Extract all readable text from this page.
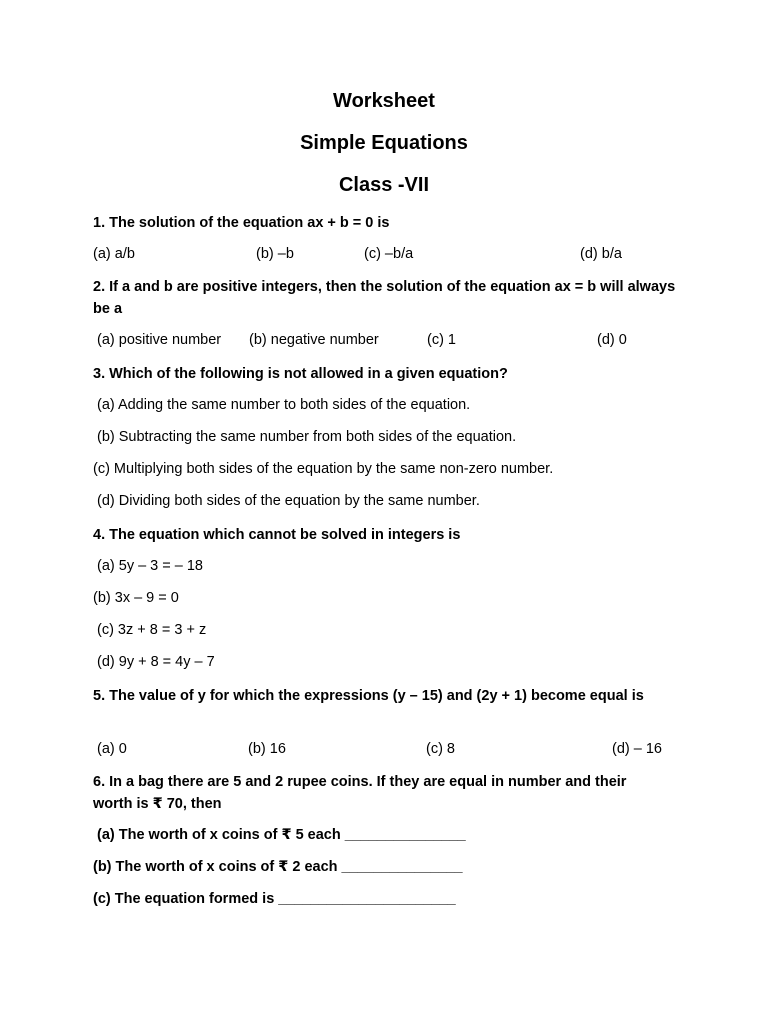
Worksheet
Simple Equations
Class -VII
1. The solution of the equation ax + b = 0 is
(a) a/b	(b) –b	(c) –b/a	(d) b/a
2. If a and b are positive integers, then the solution of the equation ax = b will always be a
(a) positive number (b) negative number	(c) 1	(d) 0
3. Which of the following is not allowed in a given equation?
(a) Adding the same number to both sides of the equation.
(b) Subtracting the same number from both sides of the equation.
(c) Multiplying both sides of the equation by the same non-zero number.
(d) Dividing both sides of the equation by the same number.
4. The equation which cannot be solved in integers is
(a) 5y – 3 = – 18
(b) 3x – 9 = 0
(c) 3z + 8 = 3 + z
(d) 9y + 8 = 4y – 7
5. The value of y for which the expressions (y – 15) and (2y + 1) become equal is
(a) 0	(b) 16	(c) 8	(d) – 16
6. In a bag there are 5 and 2 rupee coins. If they are equal in number and their worth is ₹ 70, then
(a) The worth of x coins of ₹ 5 each _______________
(b) The worth of x coins of ₹ 2 each _______________
(c) The equation formed is ______________________
